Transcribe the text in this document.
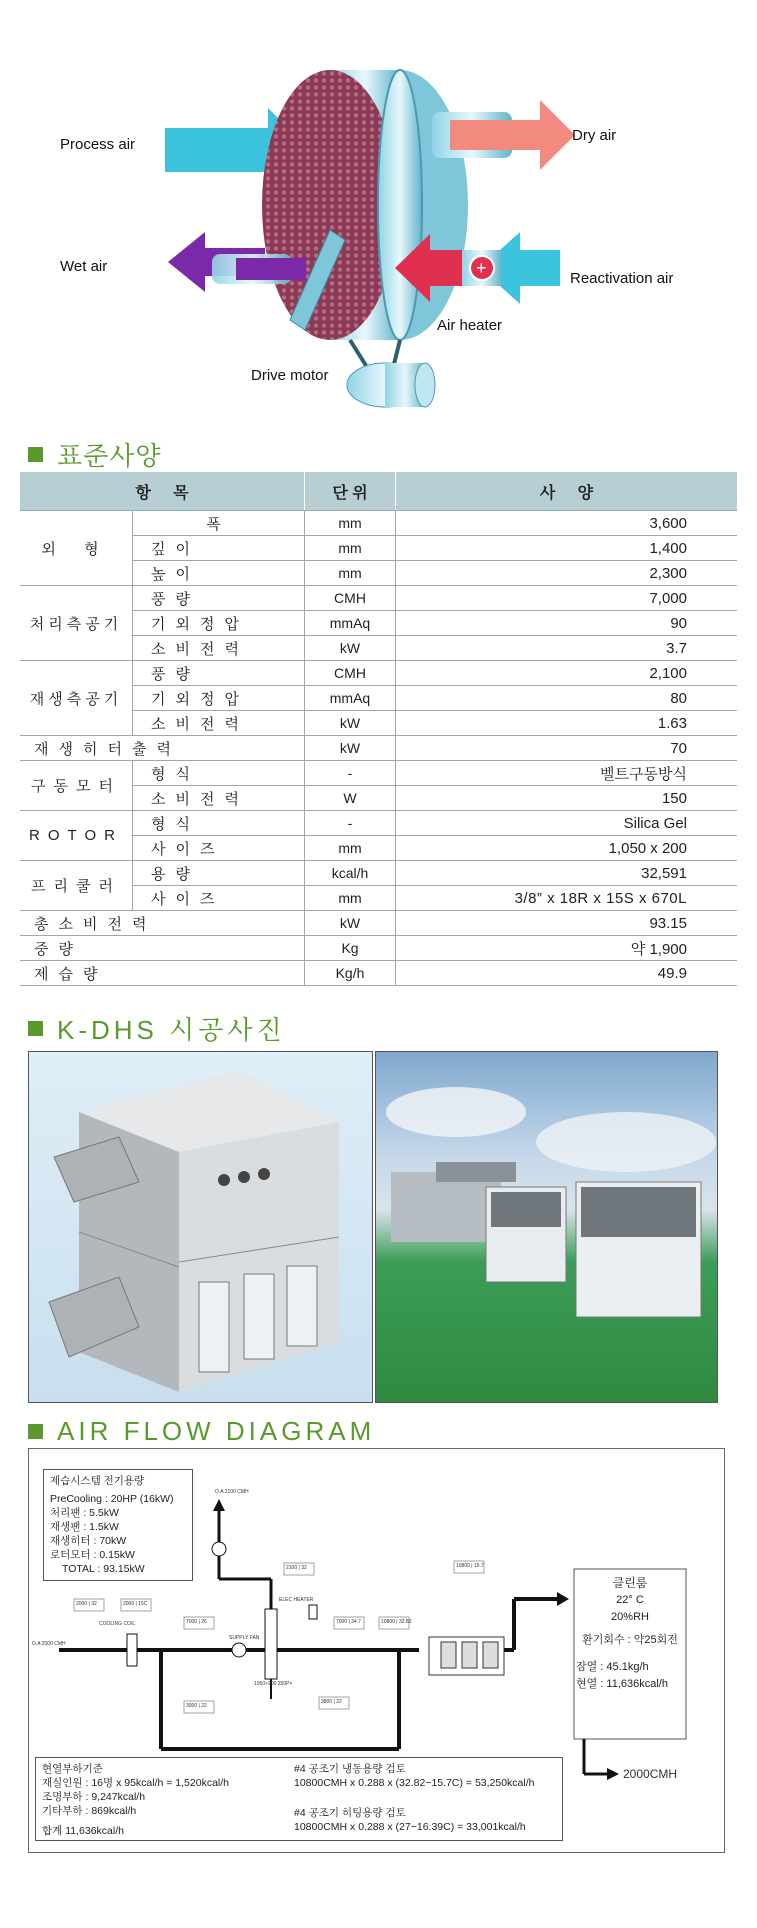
+
Process air
Dry air
Wet air
Reactivation air
Air heater
Drive motor
표준사양
항     목		단 위	사     양
외 형	폭	mm	3,600
	깊이	mm	1,400
	높이	mm	2,300
처리측공기	풍량	CMH	7,000
	기외정압	mmAq	90
	소비전력	kW	3.7
재생측공기	풍량	CMH	2,100
	기외정압	mmAq	80
	소비전력	kW	1.63
재생히터출력		kW	70
구동모터	형식	-	벨트구동방식
	소비전력	W	150
ROTOR	형식	-	Silica Gel
	사이즈	mm	1,050 x 200
프리쿨러	용량	kcal/h	32,591
	사이즈	mm	3/8” x 18R x 15S x 670L
총소비전력		kW	93.15
중량		Kg	약 1,900
제습량		Kg/h	49.9
K-DHS 시공사진
AIR FLOW DIAGRAM
O.A 2100 CMH
ELEC HEATER
COOLING COIL
SUPPLY FAN
1050×200 250P×
O.A 2000 CMH
2000 | 32	2000 | 15C
7000 | 26	7000 | 34.7	10800 | 32.82
10800 | 15.7
2100 | 32
3000 | 22
3800 | 22
제습시스템 전기용량
PreCooling : 20HP (16kW)
처리팬 : 5.5kW
재생팬 : 1.5kW
재생히터 : 70kW
로터모터 : 0.15kW
TOTAL : 93.15kW
클린룸
22° C
20%RH
환기회수 : 약25회전
잠열 : 45.1kg/h
현열 : 11,636kcal/h
2000CMH
현열부하기준
재실인원 : 16명 x 95kcal/h = 1,520kcal/h
조명부하 : 9,247kcal/h
기타부하 : 869kcal/h
합계 11,636kcal/h
#4 공조기 냉동용량 검토
10800CMH x 0.288 x (32.82−15.7C) = 53,250kcal/h
#4 공조기 히팅용량 검토
10800CMH x 0.288 x (27−16.39C) = 33,001kcal/h
